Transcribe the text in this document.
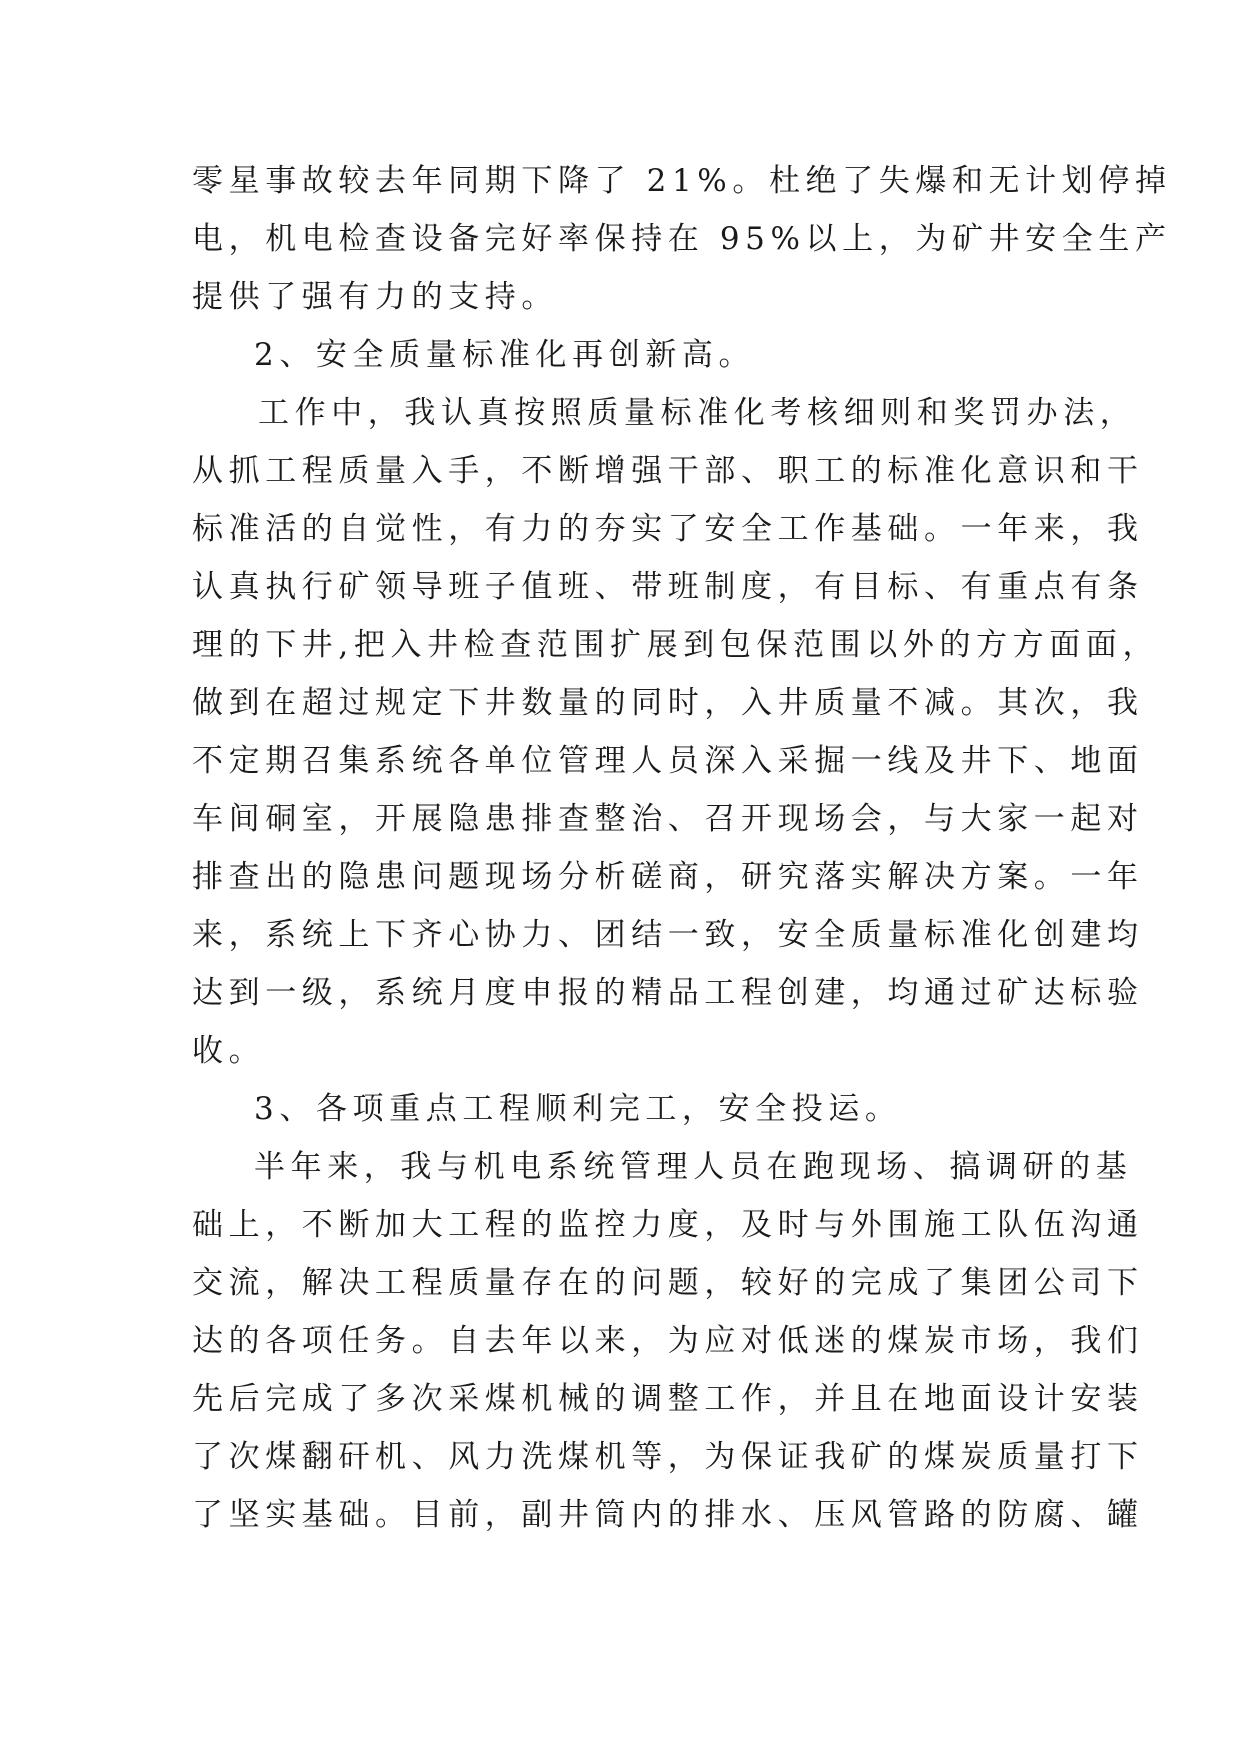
零星事故较去年同期下降了 21%。杜绝了失爆和无计划停掉
电，机电检查设备完好率保持在 95%以上，为矿井安全生产
提供了强有力的支持。
2、安全质量标准化再创新高。
工作中，我认真按照质量标准化考核细则和奖罚办法，
从抓工程质量入手，不断增强干部、职工的标准化意识和干
标准活的自觉性，有力的夯实了安全工作基础。一年来，我
认真执行矿领导班子值班、带班制度，有目标、有重点有条
理的下井,把入井检查范围扩展到包保范围以外的方方面面，
做到在超过规定下井数量的同时，入井质量不减。其次，我
不定期召集系统各单位管理人员深入采掘一线及井下、地面
车间硐室，开展隐患排查整治、召开现场会，与大家一起对
排查出的隐患问题现场分析磋商，研究落实解决方案。一年
来，系统上下齐心协力、团结一致，安全质量标准化创建均
达到一级，系统月度申报的精品工程创建，均通过矿达标验
收。
3、各项重点工程顺利完工，安全投运。
半年来，我与机电系统管理人员在跑现场、搞调研的基
础上，不断加大工程的监控力度，及时与外围施工队伍沟通
交流，解决工程质量存在的问题，较好的完成了集团公司下
达的各项任务。自去年以来，为应对低迷的煤炭市场，我们
先后完成了多次采煤机械的调整工作，并且在地面设计安装
了次煤翻矸机、风力洗煤机等，为保证我矿的煤炭质量打下
了坚实基础。目前，副井筒内的排水、压风管路的防腐、罐
